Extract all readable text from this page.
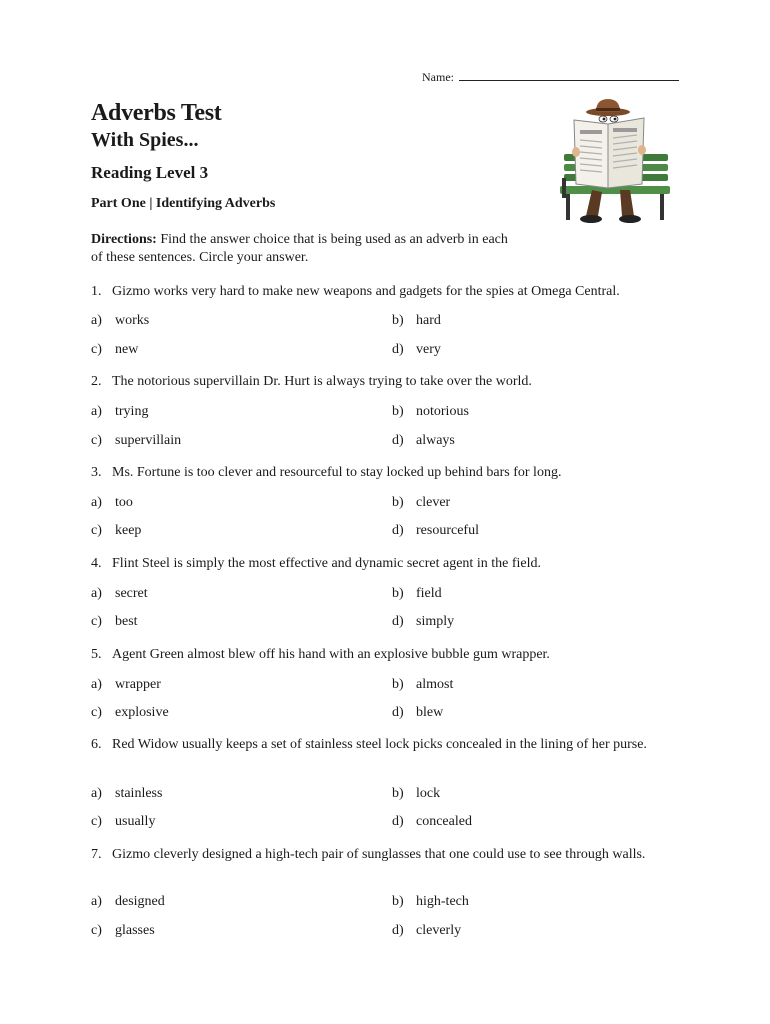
Name:
Adverbs Test
With Spies...
Reading Level 3
Part One | Identifying Adverbs
Directions: Find the answer choice that is being used as an adverb in each of these sentences. Circle your answer.
1. Gizmo works very hard to make new weapons and gadgets for the spies at Omega Central.
a) works	b) hard
c) new	d) very
2. The notorious supervillain Dr. Hurt is always trying to take over the world.
a) trying	b) notorious
c) supervillain	d) always
3. Ms. Fortune is too clever and resourceful to stay locked up behind bars for long.
a) too	b) clever
c) keep	d) resourceful
4. Flint Steel is simply the most effective and dynamic secret agent in the field.
a) secret	b) field
c) best	d) simply
5. Agent Green almost blew off his hand with an explosive bubble gum wrapper.
a) wrapper	b) almost
c) explosive	d) blew
6. Red Widow usually keeps a set of stainless steel lock picks concealed in the lining of her purse.
a) stainless	b) lock
c) usually	d) concealed
7. Gizmo cleverly designed a high-tech pair of sunglasses that one could use to see through walls.
a) designed	b) high-tech
c) glasses	d) cleverly
